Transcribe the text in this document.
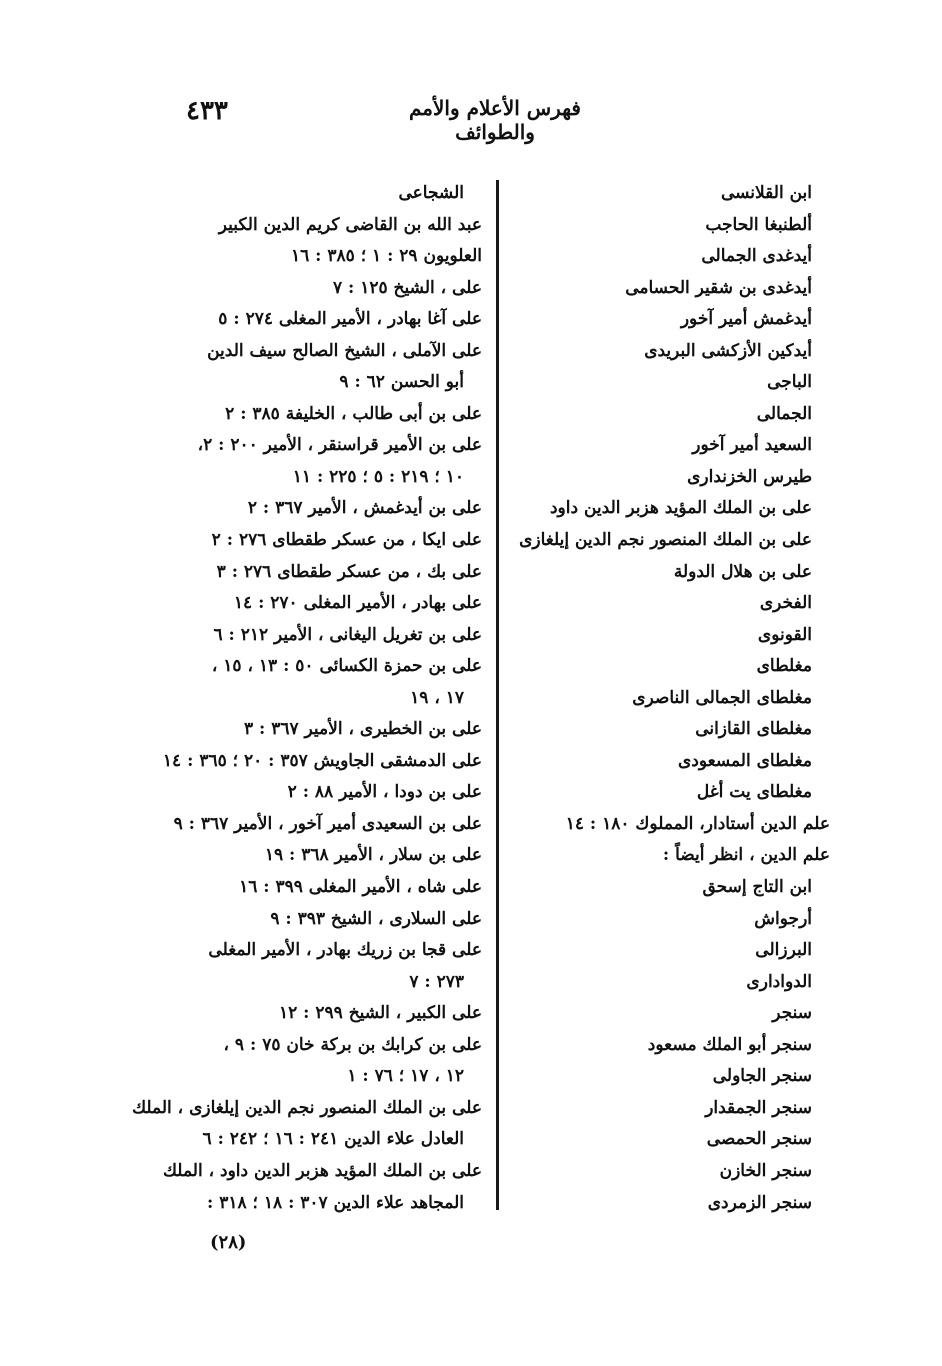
٤٣٣	فهرس الأعلام والأمم والطوائف
ابن القلانسى
ألطنبغا الحاجب
أيدغدى الجمالى
أيدغدى بن شقير الحسامى
أيدغمش أمير آخور
أيدكين الأزكشى البريدى
الباجى
الجمالى
السعيد أمير آخور
طيرس الخزندارى
على بن الملك المؤيد هزبر الدين داود
على بن الملك المنصور نجم الدين إيلغازى
على بن هلال الدولة
الفخرى
القونوى
مغلطاى
مغلطاى الجمالى الناصرى
مغلطاى القازانى
مغلطاى المسعودى
مغلطاى يت أغل
علم الدين أستادار، المملوك ١٨٠ : ١٤
علم الدين ، انظر أيضاً :
ابن التاج إسحق
أرجواش
البرزالى
الدوادارى
سنجر
سنجر أبو الملك مسعود
سنجر الجاولى
سنجر الجمقدار
سنجر الحمصى
سنجر الخازن
سنجر الزمردى
الشجاعى
عبد الله بن القاضى كريم الدين الكبير
العلويون ٢٩ : ١ ؛ ٣٨٥ : ١٦
على ، الشيخ ١٢٥ : ٧
على آغا بهادر ، الأمير المغلى ٢٧٤ : ٥
على الآملى ، الشيخ الصالح سيف الدين
أبو الحسن ٦٢ : ٩
على بن أبى طالب ، الخليفة ٣٨٥ : ٢
على بن الأمير قراسنقر ، الأمير ٢٠٠ : ٢،
١٠ ؛ ٢١٩ : ٥ ؛ ٢٢٥ : ١١
على بن أيدغمش ، الأمير ٣٦٧ : ٢
على ايكا ، من عسكر طقطاى ٢٧٦ : ٢
على بك ، من عسكر طقطاى ٢٧٦ : ٣
على بهادر ، الأمير المغلى ٢٧٠ : ١٤
على بن تغريل اليغانى ، الأمير ٢١٢ : ٦
على بن حمزة الكسائى ٥٠ : ١٣ ، ١٥ ،
١٧ ، ١٩
على بن الخطيرى ، الأمير ٣٦٧ : ٣
على الدمشقى الجاويش ٣٥٧ : ٢٠ ؛ ٣٦٥ : ١٤
على بن دودا ، الأمير ٨٨ : ٢
على بن السعيدى أمير آخور ، الأمير ٣٦٧ : ٩
على بن سلار ، الأمير ٣٦٨ : ١٩
على شاه ، الأمير المغلى ٣٩٩ : ١٦
على السلارى ، الشيخ ٣٩٣ : ٩
على قجا بن زريك بهادر ، الأمير المغلى
٢٧٣ : ٧
على الكبير ، الشيخ ٢٩٩ : ١٢
على بن كرابك بن بركة خان ٧٥ : ٩ ،
١٢ ، ١٧ ؛ ٧٦ : ١
على بن الملك المنصور نجم الدين إيلغازى ، الملك
العادل علاء الدين ٢٤١ : ١٦ ؛ ٢٤٢ : ٦
على بن الملك المؤيد هزبر الدين داود ، الملك
المجاهد علاء الدين ٣٠٧ : ١٨ ؛ ٣١٨ :
(٢٨)
